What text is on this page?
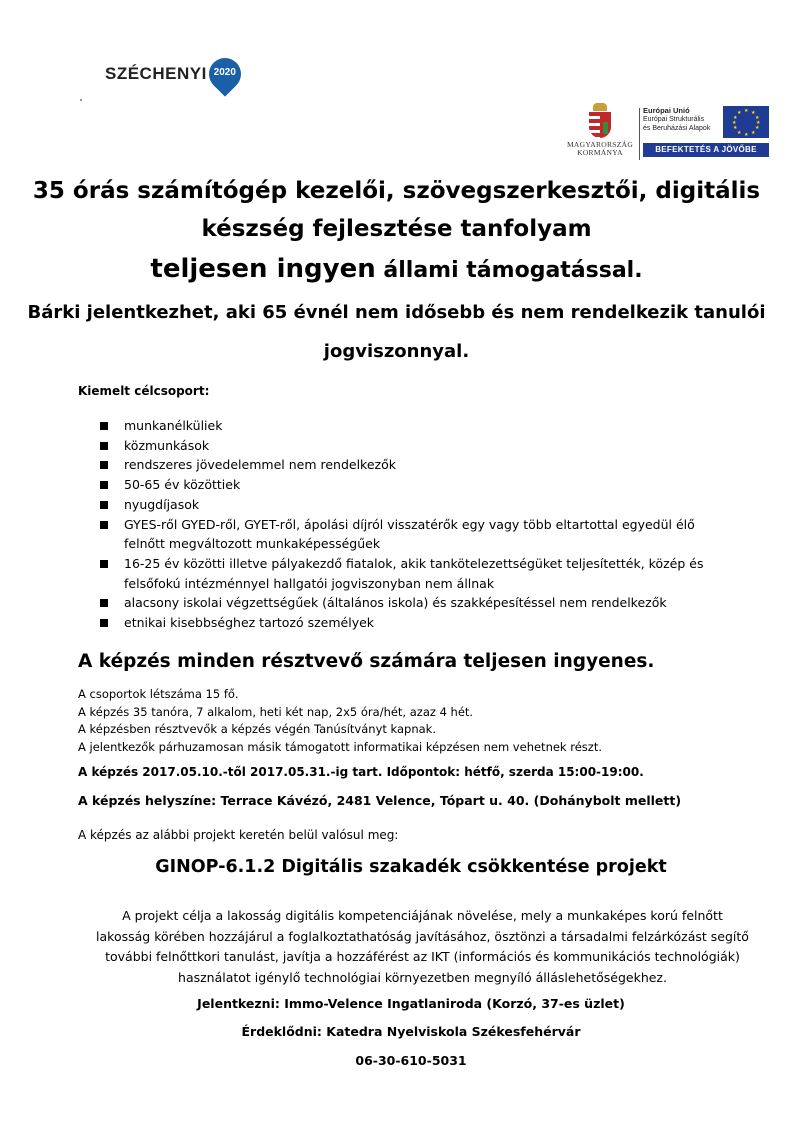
SZÉCHENYI 2020
MAGYARORSZÁG
KORMÁNYA
Európai Unió
Európai Strukturális
és Beruházási Alapok
★ ★
★
★
★
★
★
★
★
★
★
★
BEFEKTETÉS A JÖVŐBE
35 órás számítógép kezelői, szövegszerkesztői, digitális
készség fejlesztése tanfolyam
teljesen ingyen állami támogatással.
Bárki jelentkezhet, aki 65 évnél nem idősebb és nem rendelkezik tanulói
jogviszonnyal.
Kiemelt célcsoport:
munkanélküliek
közmunkások
rendszeres jövedelemmel nem rendelkezők
50-65 év közöttiek
nyugdíjasok
GYES-ről GYED-ről, GYET-ről, ápolási díjról visszatérők egy vagy több eltartottal egyedül élő
felnőtt megváltozott munkaképességűek
16-25 év közötti illetve pályakezdő fiatalok, akik tankötelezettségüket teljesítették, közép és
felsőfokú intézménnyel hallgatói jogviszonyban nem állnak
alacsony iskolai végzettségűek (általános iskola) és szakképesítéssel nem rendelkezők
etnikai kisebbséghez tartozó személyek
A képzés minden résztvevő számára teljesen ingyenes.
A csoportok létszáma 15 fő.
A képzés 35 tanóra, 7 alkalom, heti két nap, 2x5 óra/hét, azaz 4 hét.
A képzésben résztvevők a képzés végén Tanúsítványt kapnak.
A jelentkezők párhuzamosan másik támogatott informatikai képzésen nem vehetnek részt.
A képzés 2017.05.10.-től 2017.05.31.-ig tart. Időpontok: hétfő, szerda 15:00-19:00.
A képzés helyszíne: Terrace Kávézó, 2481 Velence, Tópart u. 40. (Dohánybolt mellett)
A képzés az alábbi projekt keretén belül valósul meg:
GINOP-6.1.2 Digitális szakadék csökkentése projekt
A projekt célja a lakosság digitális kompetenciájának növelése, mely a munkaképes korú felnőtt
lakosság körében hozzájárul a foglalkoztathatóság javításához, ösztönzi a társadalmi felzárkózást segítő
további felnőttkori tanulást, javítja a hozzáférést az IKT (információs és kommunikációs technológiák)
használatot igénylő technológiai környezetben megnyíló álláslehetőségekhez.
Jelentkezni: Immo-Velence Ingatlaniroda (Korzó, 37-es üzlet)
Érdeklődni: Katedra Nyelviskola Székesfehérvár
06-30-610-5031
